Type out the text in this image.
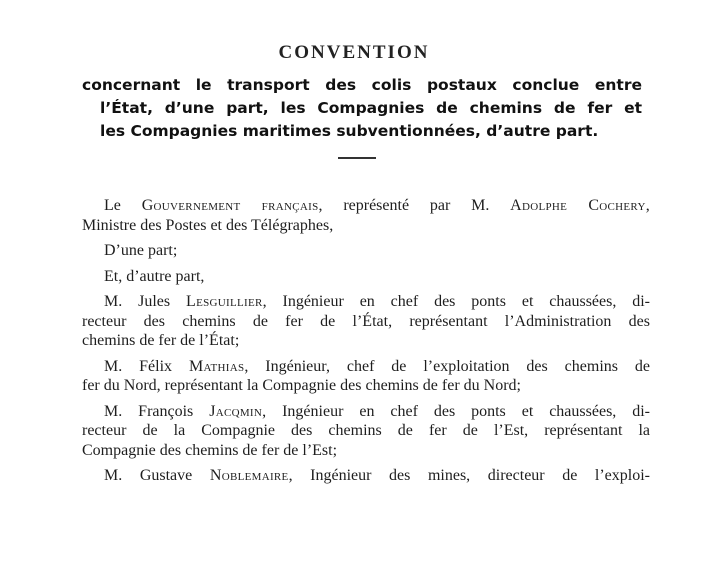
CONVENTION
concernant le transport des colis postaux conclue entre
l’État, d’une part, les Compagnies de chemins de fer et
les Compagnies maritimes subventionnées, d’autre part.
Le Gouvernement français, représenté par M. Adolphe Cochery,
Ministre des Postes et des Télégraphes,
D’une part;
Et, d’autre part,
M. Jules Lesguillier, Ingénieur en chef des ponts et chaussées, di-
recteur des chemins de fer de l’État, représentant l’Administration des
chemins de fer de l’État;
M. Félix Mathias, Ingénieur, chef de l’exploitation des chemins de
fer du Nord, représentant la Compagnie des chemins de fer du Nord;
M. François Jacqmin, Ingénieur en chef des ponts et chaussées, di-
recteur de la Compagnie des chemins de fer de l’Est, représentant la
Compagnie des chemins de fer de l’Est;
M. Gustave Noblemaire, Ingénieur des mines, directeur de l’exploi-
